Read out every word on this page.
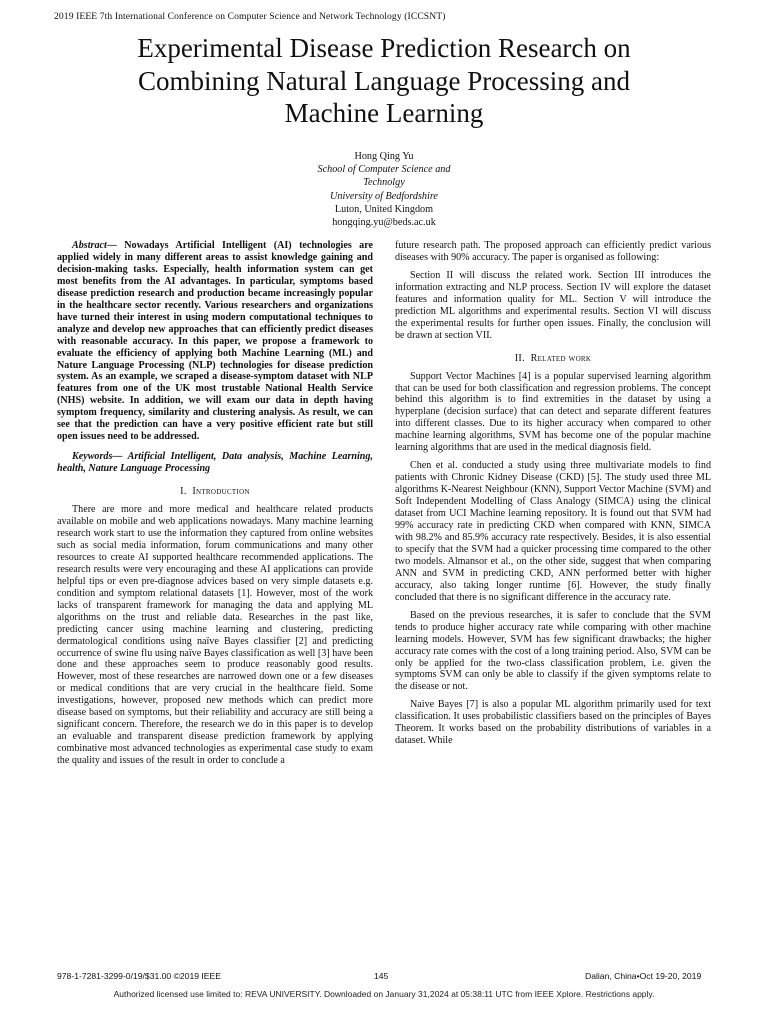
2019 IEEE 7th International Conference on Computer Science and Network Technology (ICCSNT)
Experimental Disease Prediction Research on
Combining Natural Language Processing and
Machine Learning
Hong Qing Yu
School of Computer Science and
Technolgy
University of Bedfordshire
Luton, United Kingdom
hongqing.yu@beds.ac.uk

Abstract— Nowadays Artificial Intelligent (AI) technologies are applied widely in many different areas to assist knowledge gaining and decision-making tasks. Especially, health information system can get most benefits from the AI advantages. In particular, symptoms based disease prediction research and production became increasingly popular in the healthcare sector recently. Various researchers and organizations have turned their interest in using modern computational techniques to analyze and develop new approaches that can efficiently predict diseases with reasonable accuracy. In this paper, we propose a framework to evaluate the efficiency of applying both Machine Learning (ML) and Nature Language Processing (NLP) technologies for disease prediction system. As an example, we scraped a disease-symptom dataset with NLP features from one of the UK most trustable National Health Service (NHS) website. In addition, we will exam our data in depth having symptom frequency, similarity and clustering analysis. As result, we can see that the prediction can have a very positive efficient rate but still open issues need to be addressed.

Keywords— Artificial Intelligent, Data analysis, Machine Learning, health, Nature Language Processing

I. Introduction

There are more and more medical and healthcare related products available on mobile and web applications nowadays. Many machine learning research work start to use the information they captured from online websites such as social media information, forum communications and many other resources to create AI supported healthcare recommended applications. The research results were very encouraging and these AI applications can provide helpful tips or even pre-diagnose advices based on very simple datasets e.g. condition and symptom relational datasets [1]. However, most of the work lacks of transparent framework for managing the data and applying ML algorithms on the trust and reliable data. Researches in the past like, predicting cancer using machine learning and clustering, predicting dermatological conditions using naïve Bayes classifier [2] and predicting occurrence of swine flu using naïve Bayes classification as well [3] have been done and these approaches seem to produce reasonably good results. However, most of these researches are narrowed down one or a few diseases or medical conditions that are very crucial in the healthcare field. Some investigations, however, proposed new methods which can predict more disease based on symptoms, but their reliability and accuracy are still being a significant concern. Therefore, the research we do in this paper is to develop an evaluable and transparent disease prediction framework by applying combinative most advanced technologies as experimental case study to exam the quality and issues of the result in order to conclude a

future research path. The proposed approach can efficiently predict various diseases with 90% accuracy. The paper is organised as following:

Section II will discuss the related work. Section III introduces the information extracting and NLP process. Section IV will explore the dataset features and information quality for ML. Section V will introduce the prediction ML algorithms and experimental results. Section VI will discuss the experimental results for further open issues. Finally, the conclusion will be drawn at section VII.

II. Related work

Support Vector Machines [4] is a popular supervised learning algorithm that can be used for both classification and regression problems. The concept behind this algorithm is to find extremities in the dataset by using a hyperplane (decision surface) that can detect and separate different features into different classes. Due to its higher accuracy when compared to other machine learning algorithms, SVM has become one of the popular machine learning algorithms that are used in the medical diagnosis field.

Chen et al. conducted a study using three multivariate models to find patients with Chronic Kidney Disease (CKD) [5]. The study used three ML algorithms K-Nearest Neighbour (KNN), Support Vector Machine (SVM) and Soft Independent Modelling of Class Analogy (SIMCA) using the clinical dataset from UCI Machine learning repository. It is found out that SVM had 99% accuracy rate in predicting CKD when compared with KNN, SIMCA with 98.2% and 85.9% accuracy rate respectively. Besides, it is also essential to specify that the SVM had a quicker processing time compared to the other two models. Almansor et al., on the other side, suggest that when comparing ANN and SVM in predicting CKD, ANN performed better with higher accuracy, also taking longer runtime [6]. However, the study finally concluded that there is no significant difference in the accuracy rate.

Based on the previous researches, it is safer to conclude that the SVM tends to produce higher accuracy rate while comparing with other machine learning models. However, SVM has few significant drawbacks; the higher accuracy rate comes with the cost of a long training period. Also, SVM can be only be applied for the two-class classification problem, i.e. given the symptoms SVM can only be able to classify if the given symptoms relate to the disease or not.

Naive Bayes [7] is also a popular ML algorithm primarily used for text classification. It uses probabilistic classifiers based on the principles of Bayes Theorem. It works based on the probability distributions of variables in a dataset. While

978-1-7281-3299-0/19/$31.00 ©2019 IEEE	145	Dalian, China•Oct 19-20, 2019
Authorized licensed use limited to: REVA UNIVERSITY. Downloaded on January 31,2024 at 05:38:11 UTC from IEEE Xplore. Restrictions apply.
